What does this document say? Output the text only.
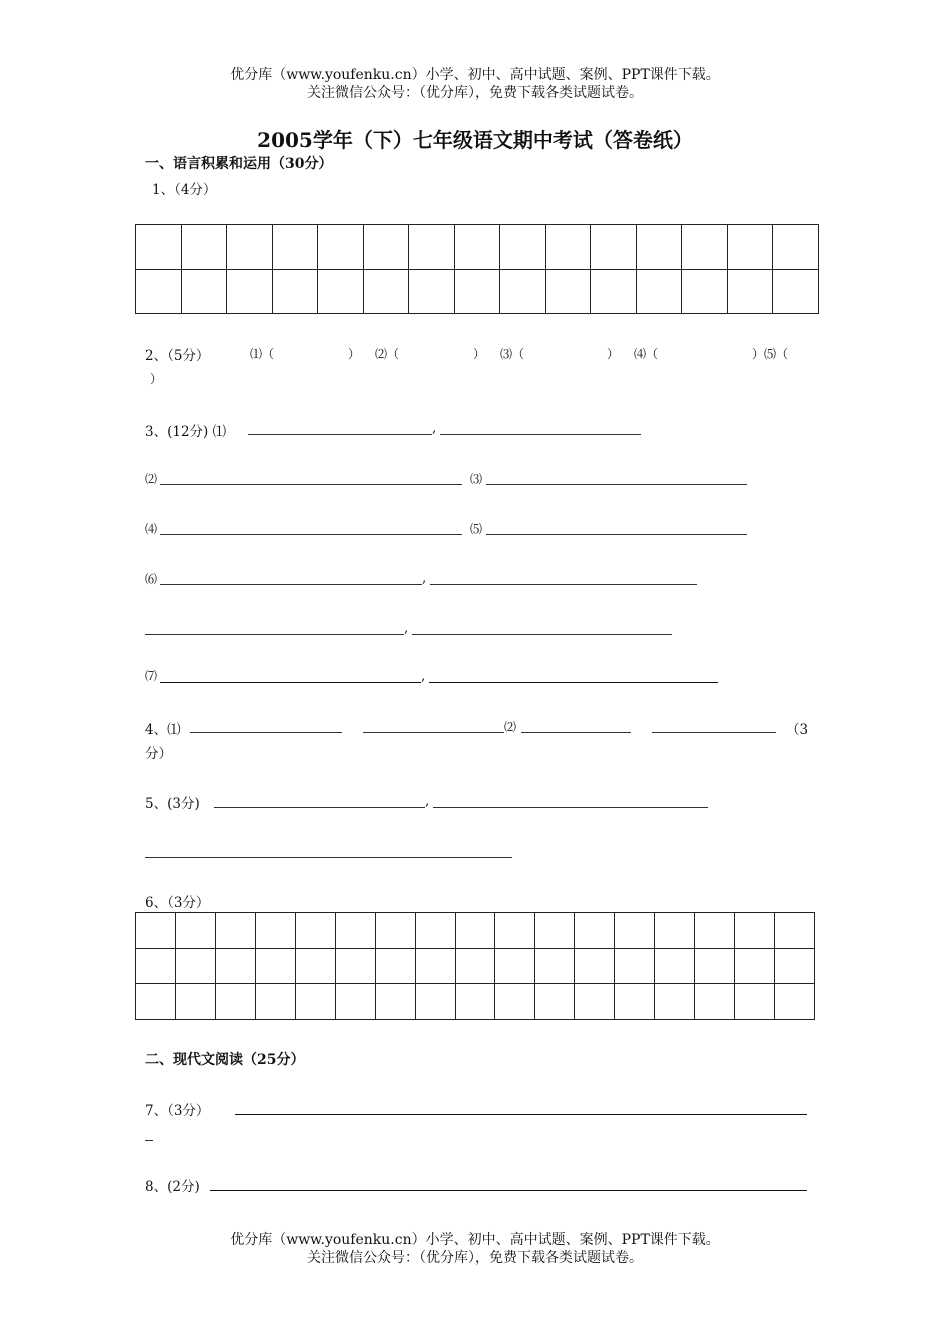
优分库（www.youfenku.cn）小学、初中、高中试题、案例、PPT课件下载。
关注微信公众号：（优分库），免费下载各类试题试卷。
2005学年（下）七年级语文期中考试（答卷纸）
一、语言积累和运用（30分）
1、（4分）

2、（5分）	⑴（	） ⑵（	） ⑶（	） ⑷（	）⑸（
）
3、(12分) ⑴	,
⑵	⑶
⑷	⑸
⑹	,
,
⑺	,
4、⑴	⑵	（3
分）
5、(3分)	,
6、（3分）

二、现代文阅读（25分）
7、（3分）
8、(2分)
优分库（www.youfenku.cn）小学、初中、高中试题、案例、PPT课件下载。
关注微信公众号：（优分库），免费下载各类试题试卷。
